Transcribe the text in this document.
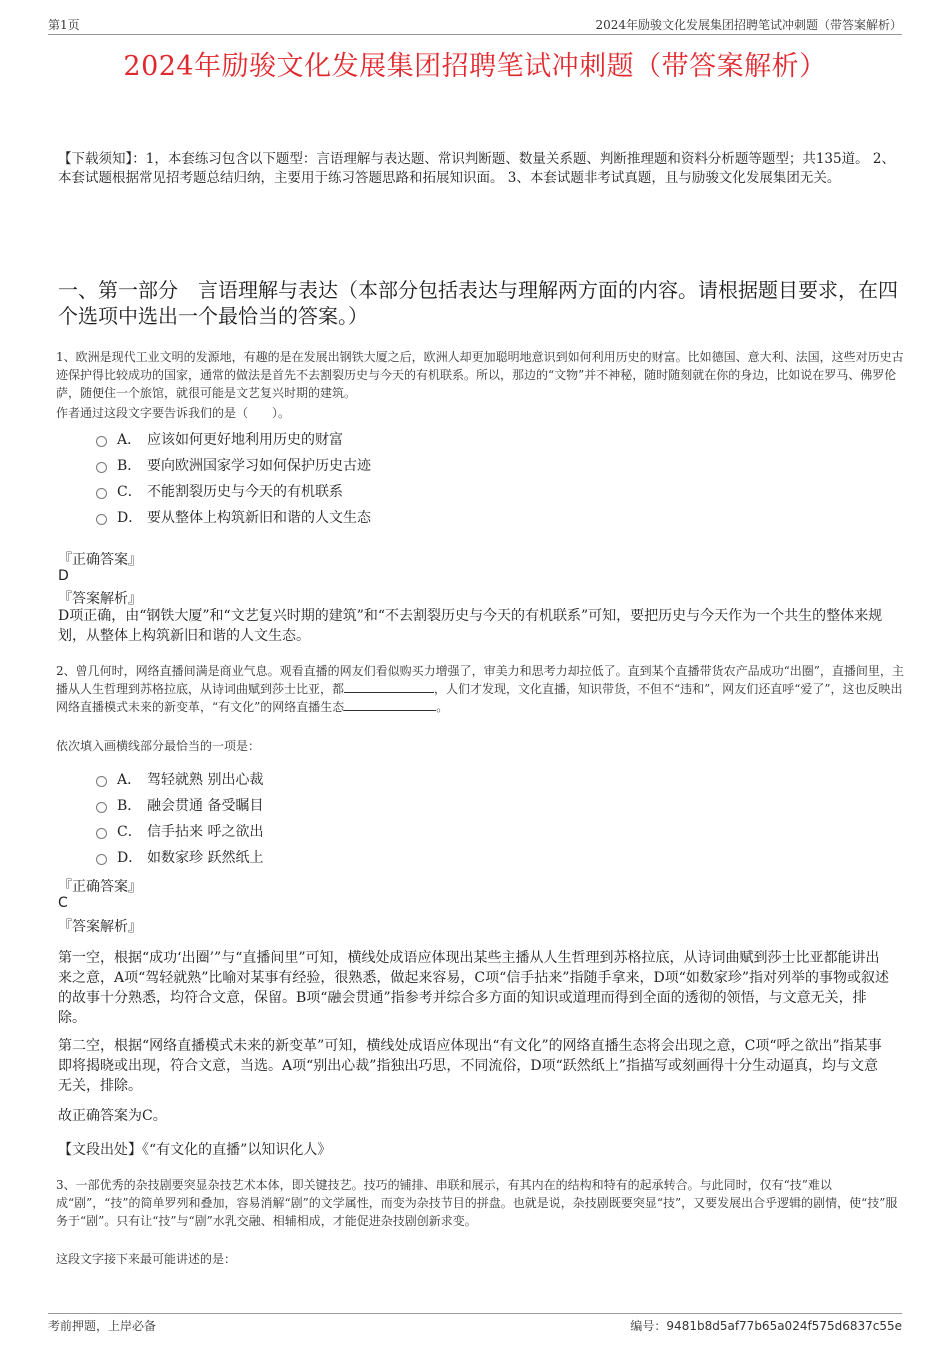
第1页	2024年励骏文化发展集团招聘笔试冲刺题（带答案解析）
2024年励骏文化发展集团招聘笔试冲刺题（带答案解析）
【下载须知】：1，本套练习包含以下题型：言语理解与表达题、常识判断题、数量关系题、判断推理题和资料分析题等题型；共135道。 2、本套试题根据常见招考题总结归纳，主要用于练习答题思路和拓展知识面。 3、本套试题非考试真题，且与励骏文化发展集团无关。
一、第一部分　言语理解与表达（本部分包括表达与理解两方面的内容。请根据题目要求，在四个选项中选出一个最恰当的答案。）
1、欧洲是现代工业文明的发源地，有趣的是在发展出钢铁大厦之后，欧洲人却更加聪明地意识到如何利用历史的财富。比如德国、意大利、法国，这些对历史古迹保护得比较成功的国家，通常的做法是首先不去割裂历史与今天的有机联系。所以，那边的“文物”并不神秘，随时随刻就在你的身边，比如说在罗马、佛罗伦萨，随便住一个旅馆，就很可能是文艺复兴时期的建筑。
作者通过这段文字要告诉我们的是（　　）。
A． 应该如何更好地利用历史的财富
B． 要向欧洲国家学习如何保护历史古迹
C． 不能割裂历史与今天的有机联系
D． 要从整体上构筑新旧和谐的人文生态
『正确答案』
D
『答案解析』
D项正确，由“钢铁大厦”和“文艺复兴时期的建筑”和“不去割裂历史与今天的有机联系”可知，要把历史与今天作为一个共生的整体来规划，从整体上构筑新旧和谐的人文生态。
2、曾几何时，网络直播间满是商业气息。观看直播的网友们看似购买力增强了，审美力和思考力却拉低了。直到某个直播带货农产品成功“出圈”，直播间里，主播从人生哲理到苏格拉底，从诗词曲赋到莎士比亚，都	，人们才发现，文化直播，知识带货，不但不“违和”，网友们还直呼“爱了”，这也反映出网络直播模式未来的新变革，“有文化”的网络直播生态	。
依次填入画横线部分最恰当的一项是：
A． 驾轻就熟 别出心裁
B． 融会贯通 备受瞩目
C． 信手拈来 呼之欲出
D． 如数家珍 跃然纸上
『正确答案』
C
『答案解析』
第一空，根据“成功‘出圈’”与“直播间里”可知，横线处成语应体现出某些主播从人生哲理到苏格拉底，从诗词曲赋到莎士比亚都能讲出来之意，A项“驾轻就熟”比喻对某事有经验，很熟悉，做起来容易，C项“信手拈来”指随手拿来，D项“如数家珍”指对列举的事物或叙述的故事十分熟悉，均符合文意，保留。B项“融会贯通”指参考并综合多方面的知识或道理而得到全面的透彻的领悟，与文意无关，排除。
第二空，根据“网络直播模式未来的新变革”可知，横线处成语应体现出“有文化”的网络直播生态将会出现之意，C项“呼之欲出”指某事即将揭晓或出现，符合文意，当选。A项“别出心裁”指独出巧思，不同流俗，D项“跃然纸上”指描写或刻画得十分生动逼真，均与文意无关，排除。
故正确答案为C。
【文段出处】《“有文化的直播”以知识化人》
3、一部优秀的杂技剧要突显杂技艺术本体，即关键技艺。技巧的铺排、串联和展示，有其内在的结构和特有的起承转合。与此同时，仅有“技”难以成“剧”，“技”的简单罗列和叠加，容易消解“剧”的文学属性，而变为杂技节目的拼盘。也就是说，杂技剧既要突显“技”，又要发展出合乎逻辑的剧情，使“技”服务于“剧”。只有让“技”与“剧”水乳交融、相辅相成，才能促进杂技剧创新求变。
这段文字接下来最可能讲述的是：
考前押题，上岸必备	编号：9481b8d5af77b65a024f575d6837c55e
